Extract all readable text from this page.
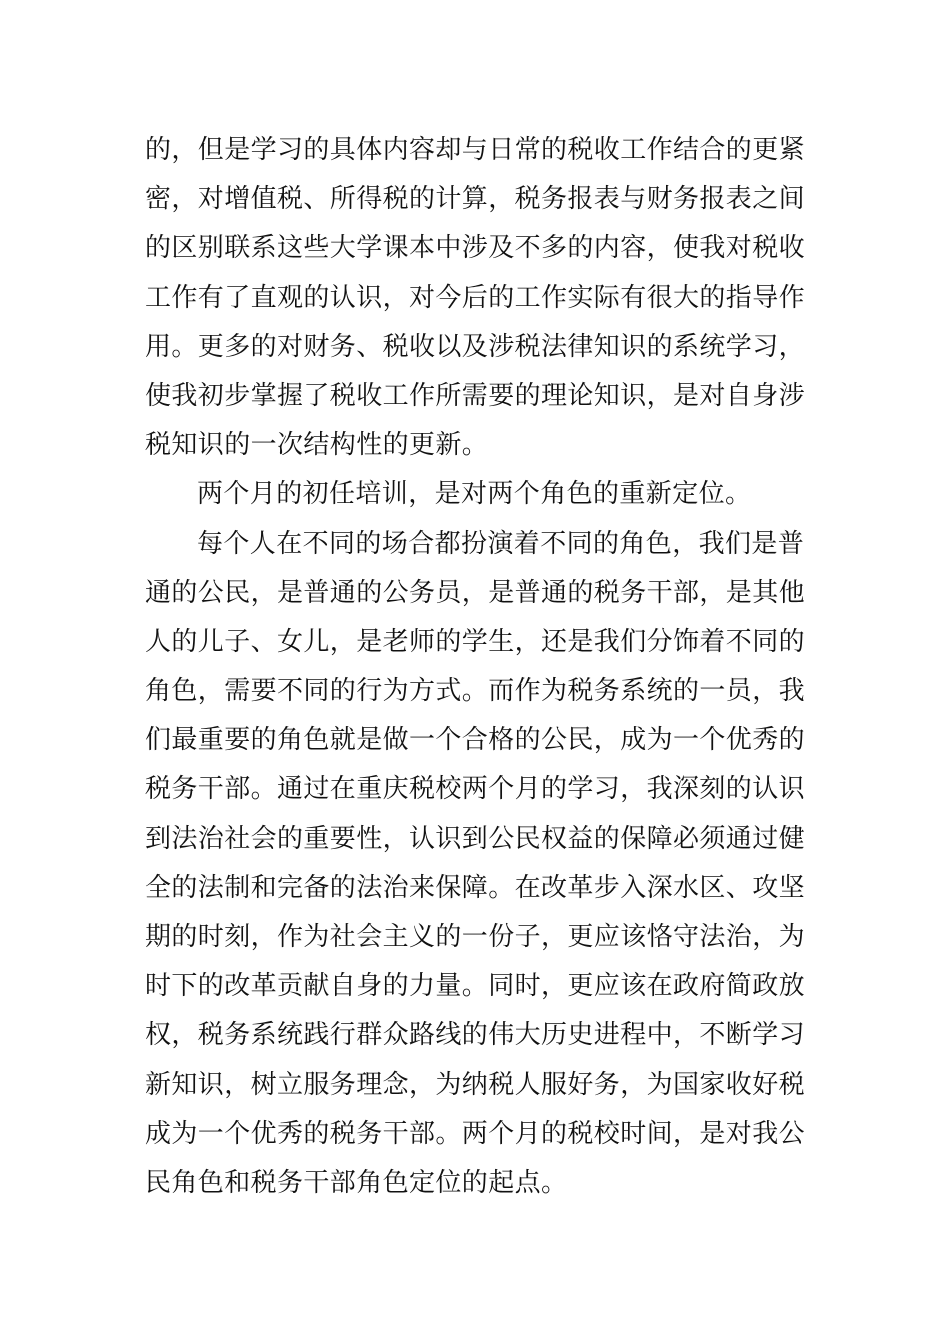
的，但是学习的具体内容却与日常的税收工作结合的更紧
密，对增值税、所得税的计算，税务报表与财务报表之间
的区别联系这些大学课本中涉及不多的内容，使我对税收
工作有了直观的认识，对今后的工作实际有很大的指导作
用。更多的对财务、税收以及涉税法律知识的系统学习，
使我初步掌握了税收工作所需要的理论知识，是对自身涉
税知识的一次结构性的更新。
两个月的初任培训，是对两个角色的重新定位。
每个人在不同的场合都扮演着不同的角色，我们是普
通的公民，是普通的公务员，是普通的税务干部，是其他
人的儿子、女儿，是老师的学生，还是我们分饰着不同的
角色，需要不同的行为方式。而作为税务系统的一员，我
们最重要的角色就是做一个合格的公民，成为一个优秀的
税务干部。通过在重庆税校两个月的学习，我深刻的认识
到法治社会的重要性，认识到公民权益的保障必须通过健
全的法制和完备的法治来保障。在改革步入深水区、攻坚
期的时刻，作为社会主义的一份子，更应该恪守法治，为
时下的改革贡献自身的力量。同时，更应该在政府简政放
权，税务系统践行群众路线的伟大历史进程中，不断学习
新知识，树立服务理念，为纳税人服好务，为国家收好税
成为一个优秀的税务干部。两个月的税校时间，是对我公
民角色和税务干部角色定位的起点。
